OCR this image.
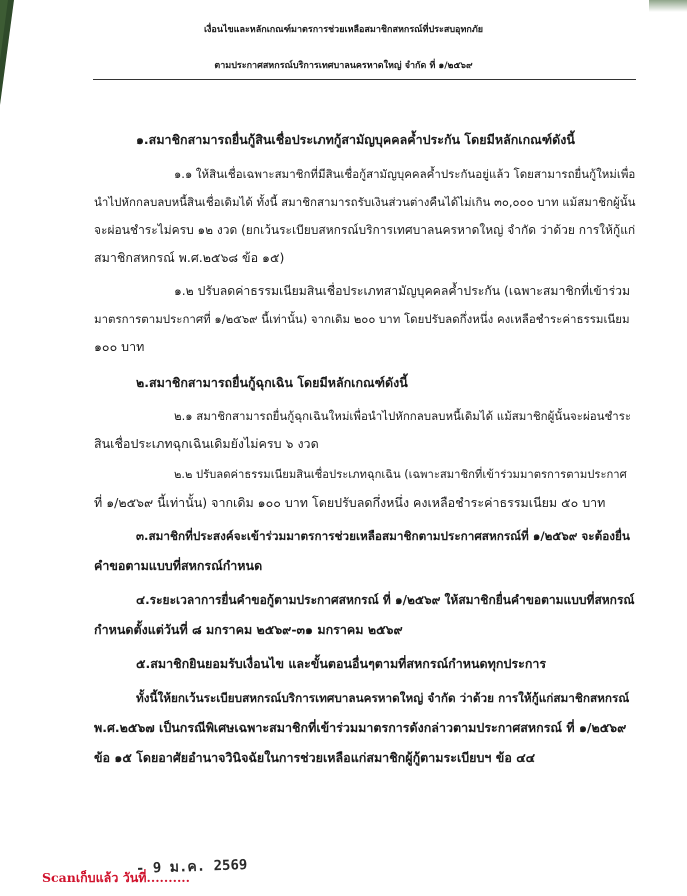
เงื่อนไขและหลักเกณฑ์มาตรการช่วยเหลือสมาชิกสหกรณ์ที่ประสบอุทกภัย
ตามประกาศสหกรณ์บริการเทศบาลนครหาดใหญ่ จำกัด ที่ ๑/๒๕๖๙
๑.สมาชิกสามารถยื่นกู้สินเชื่อประเภทกู้สามัญบุคคลค้ำประกัน โดยมีหลักเกณฑ์ดังนี้
๑.๑ ให้สินเชื่อเฉพาะสมาชิกที่มีสินเชื่อกู้สามัญบุคคลค้ำประกันอยู่แล้ว โดยสามารถยื่นกู้ใหม่เพื่อ
นำไปหักกลบลบหนี้สินเชื่อเดิมได้ ทั้งนี้ สมาชิกสามารถรับเงินส่วนต่างคืนได้ไม่เกิน ๓๐,๐๐๐ บาท แม้สมาชิกผู้นั้น
จะผ่อนชำระไม่ครบ ๑๒ งวด (ยกเว้นระเบียบสหกรณ์บริการเทศบาลนครหาดใหญ่ จำกัด ว่าด้วย การให้กู้แก่
สมาชิกสหกรณ์ พ.ศ.๒๕๖๘ ข้อ ๑๕)
๑.๒ ปรับลดค่าธรรมเนียมสินเชื่อประเภทสามัญบุคคลค้ำประกัน (เฉพาะสมาชิกที่เข้าร่วม
มาตรการตามประกาศที่ ๑/๒๕๖๙ นี้เท่านั้น) จากเดิม ๒๐๐ บาท โดยปรับลดกึ่งหนึ่ง คงเหลือชำระค่าธรรมเนียม
๑๐๐ บาท
๒.สมาชิกสามารถยื่นกู้ฉุกเฉิน โดยมีหลักเกณฑ์ดังนี้
๒.๑ สมาชิกสามารถยื่นกู้ฉุกเฉินใหม่เพื่อนำไปหักกลบลบหนี้เดิมได้ แม้สมาชิกผู้นั้นจะผ่อนชำระ
สินเชื่อประเภทฉุกเฉินเดิมยังไม่ครบ ๖ งวด
๒.๒ ปรับลดค่าธรรมเนียมสินเชื่อประเภทฉุกเฉิน (เฉพาะสมาชิกที่เข้าร่วมมาตรการตามประกาศ
ที่ ๑/๒๕๖๙ นี้เท่านั้น) จากเดิม ๑๐๐ บาท โดยปรับลดกึ่งหนึ่ง คงเหลือชำระค่าธรรมเนียม ๕๐ บาท
๓.สมาชิกที่ประสงค์จะเข้าร่วมมาตรการช่วยเหลือสมาชิกตามประกาศสหกรณ์ที่ ๑/๒๕๖๙ จะต้องยื่น
คำขอตามแบบที่สหกรณ์กำหนด
๔.ระยะเวลาการยื่นคำขอกู้ตามประกาศสหกรณ์ ที่ ๑/๒๕๖๙ ให้สมาชิกยื่นคำขอตามแบบที่สหกรณ์
กำหนดตั้งแต่วันที่ ๘ มกราคม ๒๕๖๙-๓๑ มกราคม ๒๕๖๙
๕.สมาชิกยินยอมรับเงื่อนไข และขั้นตอนอื่นๆตามที่สหกรณ์กำหนดทุกประการ
ทั้งนี้ให้ยกเว้นระเบียบสหกรณ์บริการเทศบาลนครหาดใหญ่ จำกัด ว่าด้วย การให้กู้แก่สมาชิกสหกรณ์
พ.ศ.๒๕๖๗ เป็นกรณีพิเศษเฉพาะสมาชิกที่เข้าร่วมมาตรการดังกล่าวตามประกาศสหกรณ์ ที่ ๑/๒๕๖๙
ข้อ ๑๕ โดยอาศัยอำนาจวินิจฉัยในการช่วยเหลือแก่สมาชิกผู้กู้ตามระเบียบฯ ข้อ ๔๔
- 9 ม.ค. 2569
Scanเก็บแล้ว วันที่..........
